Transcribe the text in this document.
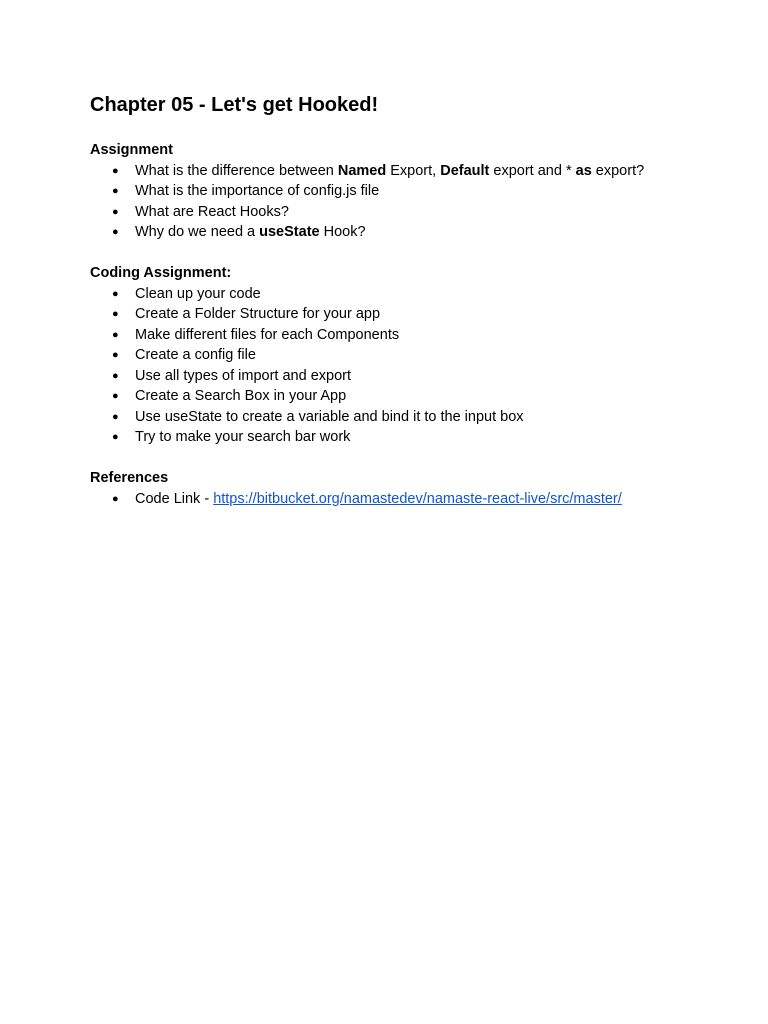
Chapter 05 - Let's get Hooked!
Assignment
● What is the difference between Named Export, Default export and * as export?
● What is the importance of config.js file
● What are React Hooks?
● Why do we need a useState Hook?
Coding Assignment:
● Clean up your code
● Create a Folder Structure for your app
● Make different files for each Components
● Create a config file
● Use all types of import and export
● Create a Search Box in your App
● Use useState to create a variable and bind it to the input box
● Try to make your search bar work
References
● Code Link - https://bitbucket.org/namastedev/namaste-react-live/src/master/
